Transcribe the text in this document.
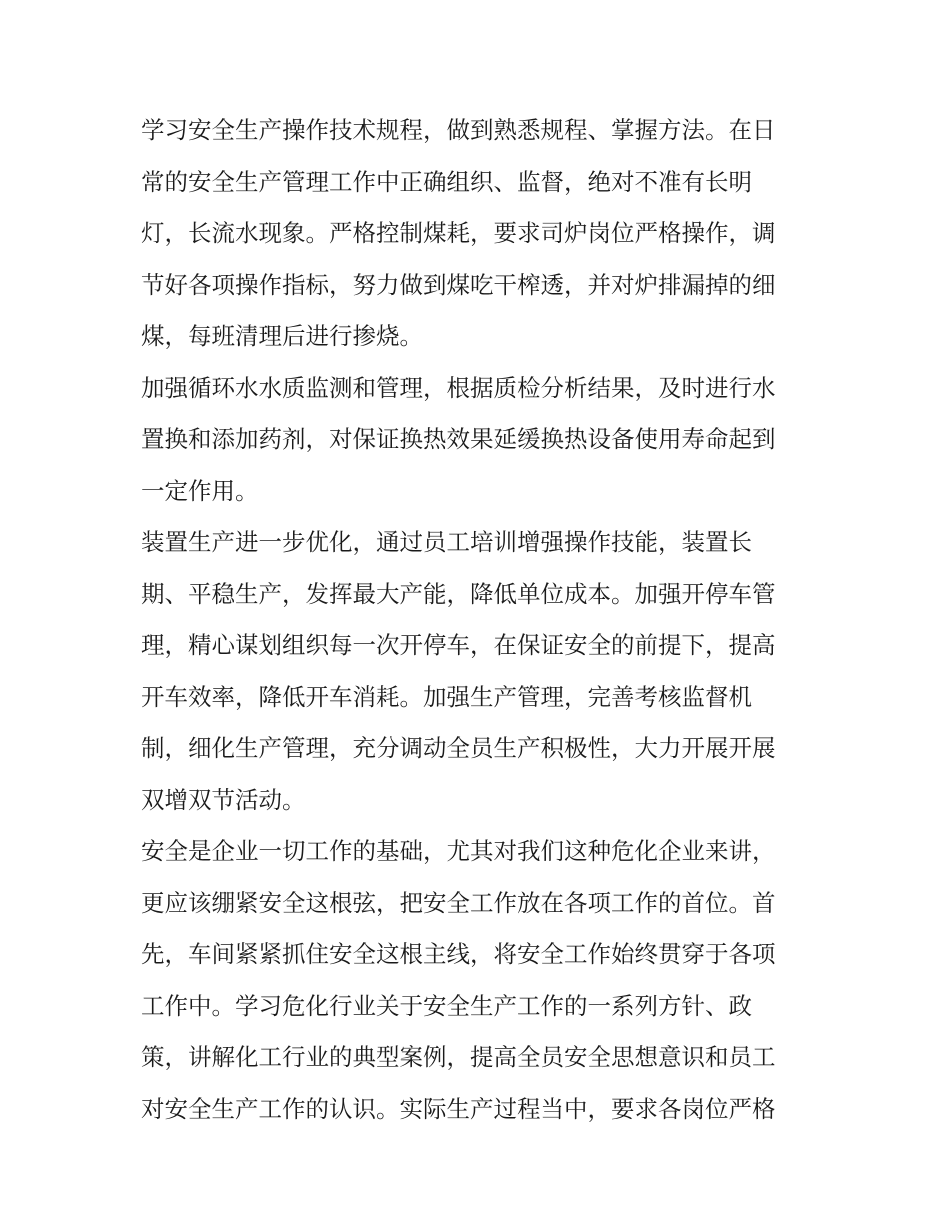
学习安全生产操作技术规程，做到熟悉规程、掌握方法。在日
常的安全生产管理工作中正确组织、监督，绝对不准有长明
灯，长流水现象。严格控制煤耗，要求司炉岗位严格操作，调
节好各项操作指标，努力做到煤吃干榨透，并对炉排漏掉的细
煤，每班清理后进行掺烧。
加强循环水水质监测和管理，根据质检分析结果，及时进行水
置换和添加药剂，对保证换热效果延缓换热设备使用寿命起到
一定作用。
装置生产进一步优化，通过员工培训增强操作技能，装置长
期、平稳生产，发挥最大产能，降低单位成本。加强开停车管
理，精心谋划组织每一次开停车，在保证安全的前提下，提高
开车效率，降低开车消耗。加强生产管理，完善考核监督机
制，细化生产管理，充分调动全员生产积极性，大力开展开展
双增双节活动。
安全是企业一切工作的基础，尤其对我们这种危化企业来讲，
更应该绷紧安全这根弦，把安全工作放在各项工作的首位。首
先，车间紧紧抓住安全这根主线，将安全工作始终贯穿于各项
工作中。学习危化行业关于安全生产工作的一系列方针、政
策，讲解化工行业的典型案例，提高全员安全思想意识和员工
对安全生产工作的认识。实际生产过程当中，要求各岗位严格
